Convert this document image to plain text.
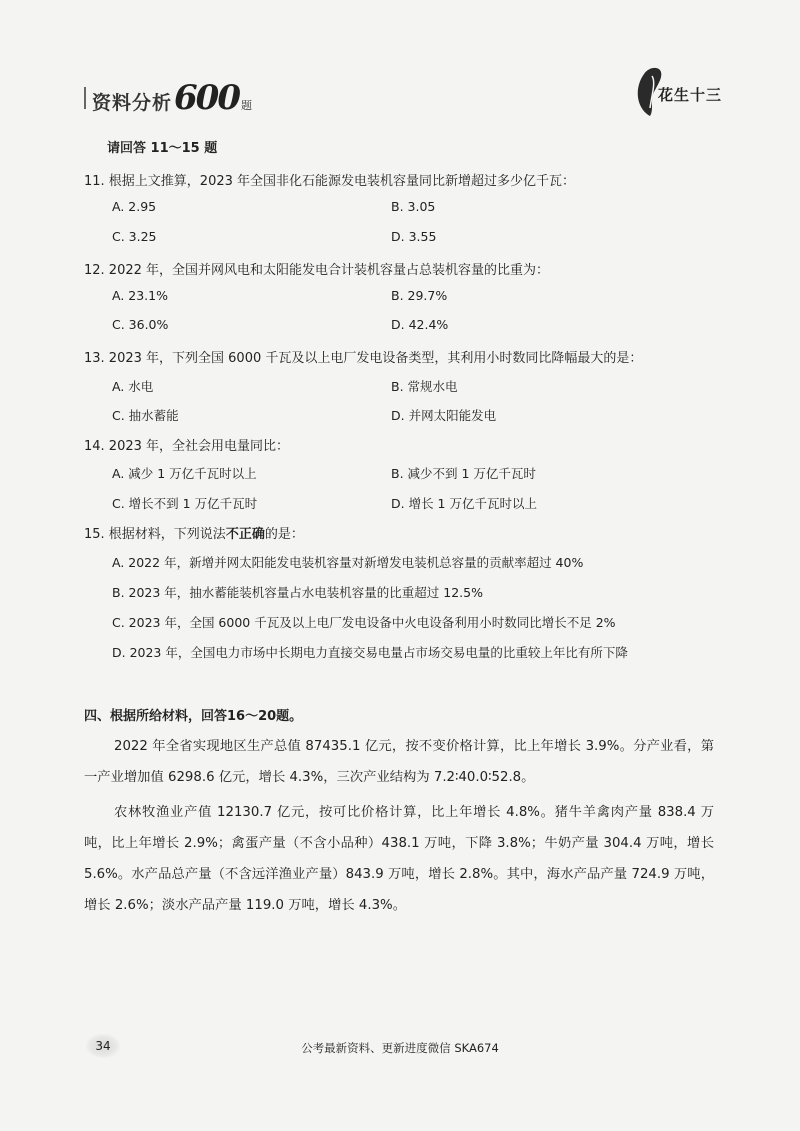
资料分析 600 题
花生十三
请回答 11～15 题
11. 根据上文推算，2023 年全国非化石能源发电装机容量同比新增超过多少亿千瓦：
A. 2.95	B. 3.05
C. 3.25	D. 3.55
12. 2022 年，全国并网风电和太阳能发电合计装机容量占总装机容量的比重为：
A. 23.1%	B. 29.7%
C. 36.0%	D. 42.4%
13. 2023 年，下列全国 6000 千瓦及以上电厂发电设备类型，其利用小时数同比降幅最大的是：
A. 水电	B. 常规水电
C. 抽水蓄能	D. 并网太阳能发电
14. 2023 年，全社会用电量同比：
A. 减少 1 万亿千瓦时以上	B. 减少不到 1 万亿千瓦时
C. 增长不到 1 万亿千瓦时	D. 增长 1 万亿千瓦时以上
15. 根据材料，下列说法不正确的是：
A. 2022 年，新增并网太阳能发电装机容量对新增发电装机总容量的贡献率超过 40%
B. 2023 年，抽水蓄能装机容量占水电装机容量的比重超过 12.5%
C. 2023 年，全国 6000 千瓦及以上电厂发电设备中火电设备利用小时数同比增长不足 2%
D. 2023 年，全国电力市场中长期电力直接交易电量占市场交易电量的比重较上年比有所下降
四、根据所给材料，回答16～20题。
2022 年全省实现地区生产总值 87435.1 亿元，按不变价格计算，比上年增长 3.9%。分产业看，第一产业增加值 6298.6 亿元，增长 4.3%，三次产业结构为 7.2∶40.0∶52.8。
农林牧渔业产值 12130.7 亿元，按可比价格计算，比上年增长 4.8%。猪牛羊禽肉产量 838.4 万吨，比上年增长 2.9%；禽蛋产量（不含小品种）438.1 万吨，下降 3.8%；牛奶产量 304.4 万吨，增长 5.6%。水产品总产量（不含远洋渔业产量）843.9 万吨，增长 2.8%。其中，海水产品产量 724.9 万吨，增长 2.6%；淡水产品产量 119.0 万吨，增长 4.3%。
34	公考最新资料、更新进度微信 SKA674
